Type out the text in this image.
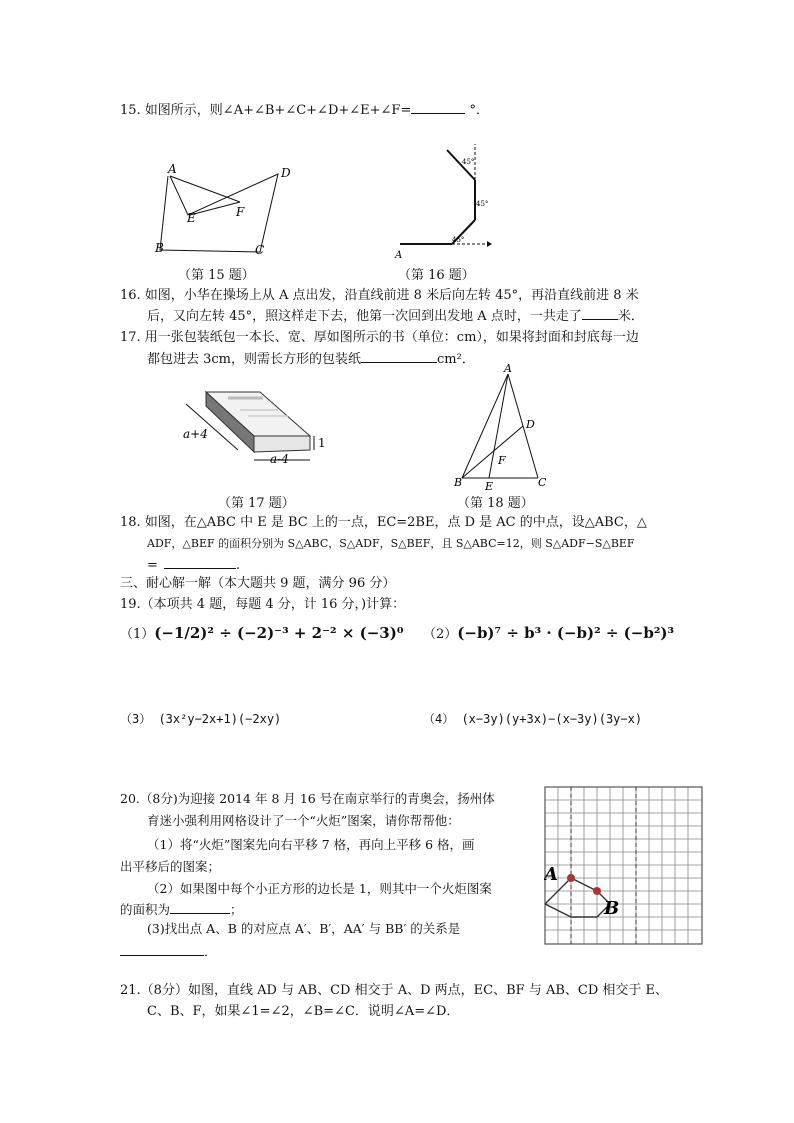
15. 如图所示，则∠A+∠B+∠C+∠D+∠E+∠F=	°．
A
B	C
D
E	F
（第 15 题）
45°
45°
45°
A
（第 16 题）
16. 如图，小华在操场上从 A 点出发，沿直线前进 8 米后向左转 45°，再沿直线前进 8 米
后，又向左转 45°，照这样走下去，他第一次回到出发地 A 点时，一共走了	米．
17. 用一张包装纸包一本长、宽、厚如图所示的书（单位：cm），如果将封面和封底每一边
都包进去 3cm，则需长方形的包装纸	cm²．
a+4
a-4
1
（第 17 题）
A
B	C
D
E
F
（第 18 题）
18. 如图，在△ABC 中 E 是 BC 上的一点，EC=2BE，点 D 是 AC 的中点，设△ABC，△
ADF，△BEF 的面积分别为 S△ABC，S△ADF，S△BEF，且 S△ABC=12，则 S△ADF−S△BEF
=	.
三、耐心解一解（本大题共 9 题，满分 96 分）
19.（本项共 4 题，每题 4 分，计 16 分，)计算：
（1）(−1/2)² ÷ (−2)⁻³ + 2⁻² × (−3)⁰ （2）(−b)⁷ ÷ b³ · (−b)² ÷ (−b²)³
（3） (3x²y−2x+1)(−2xy)	（4） (x−3y)(y+3x)−(x−3y)(3y−x)
20.（8分)为迎接 2014 年 8 月 16 号在南京举行的青奥会，扬州体
育迷小强利用网格设计了一个“火炬”图案，请你帮帮他：
（1）将“火炬”图案先向右平移 7 格，再向上平移 6 格，画
出平移后的图案；
（2）如果图中每个小正方形的边长是 1，则其中一个火炬图案
的面积为	；
(3)找出点 A、B 的对应点 A′、B′，AA′ 与 BB′ 的关系是
．
A
B
21.（8分）如图，直线 AD 与 AB、CD 相交于 A、D 两点，EC、BF 与 AB、CD 相交于 E、
C、B、F，如果∠1=∠2，∠B=∠C．说明∠A=∠D．
